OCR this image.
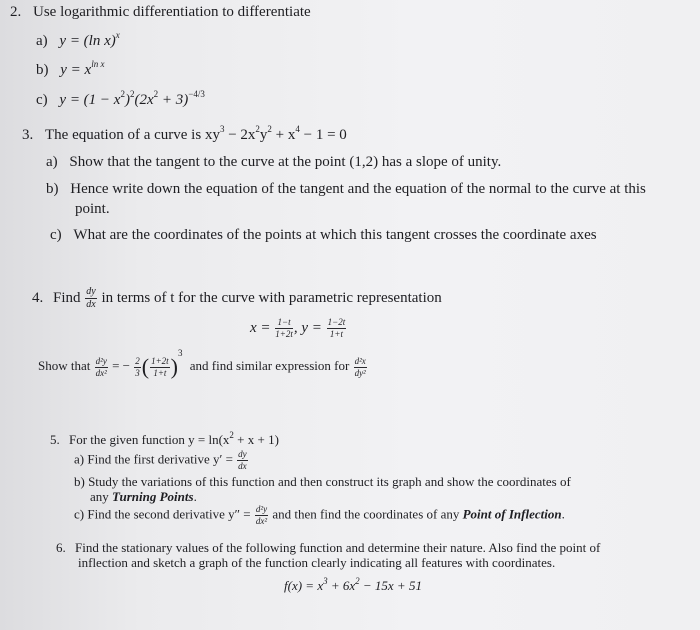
2. Use logarithmic differentiation to differentiate
a) y = (ln x)$^x$
b) $y = x^{ln x}$
c) $y = (1 - x^2)^2(2x^2 + 3)^{-4/3}$
3. The equation of a curve is $xy^3 - 2x^2y^2 + x^4 - 1 = 0$
a) Show that the tangent to the curve at the point (1,2) has a slope of unity.
b) Hence write down the equation of the tangent and the equation of the normal to the curve at this
point.
c) What are the coordinates of the points at which this tangent crosses the coordinate axes
4. Find $\frac{dy}{dx}$ in terms of t for the curve with parametric representation
$x = \frac{1-t}{1+2t}$ , $y = \frac{1-2t}{1+t}$
Show that $\frac{\text{d²y}}{\text{dx²}}$ = − $\frac{2}{3}$ ( $\frac{1+2t}{1+t} )^3$ and find similar expression for $\frac{\text{d²x}}{\text{dy²}}$
5. For the given function $y = \ln(x^2 + x + 1)$
a) Find the first derivative $y' = \frac{dy}{dx}$
b) Study the variations of this function and then construct its graph and show the coordinates of
any Turning Points.
c) Find the second derivative $y'' = \frac{\text{d²y}}{\text{dx²}}$ and then find the coordinates of any Point of Inflection.
6. Find the stationary values of the following function and determine their nature. Also find the point of
inflection and sketch a graph of the function clearly indicating all features with coordinates.
$f(x) = x^3 + 6x^2 - 15x + 51$
